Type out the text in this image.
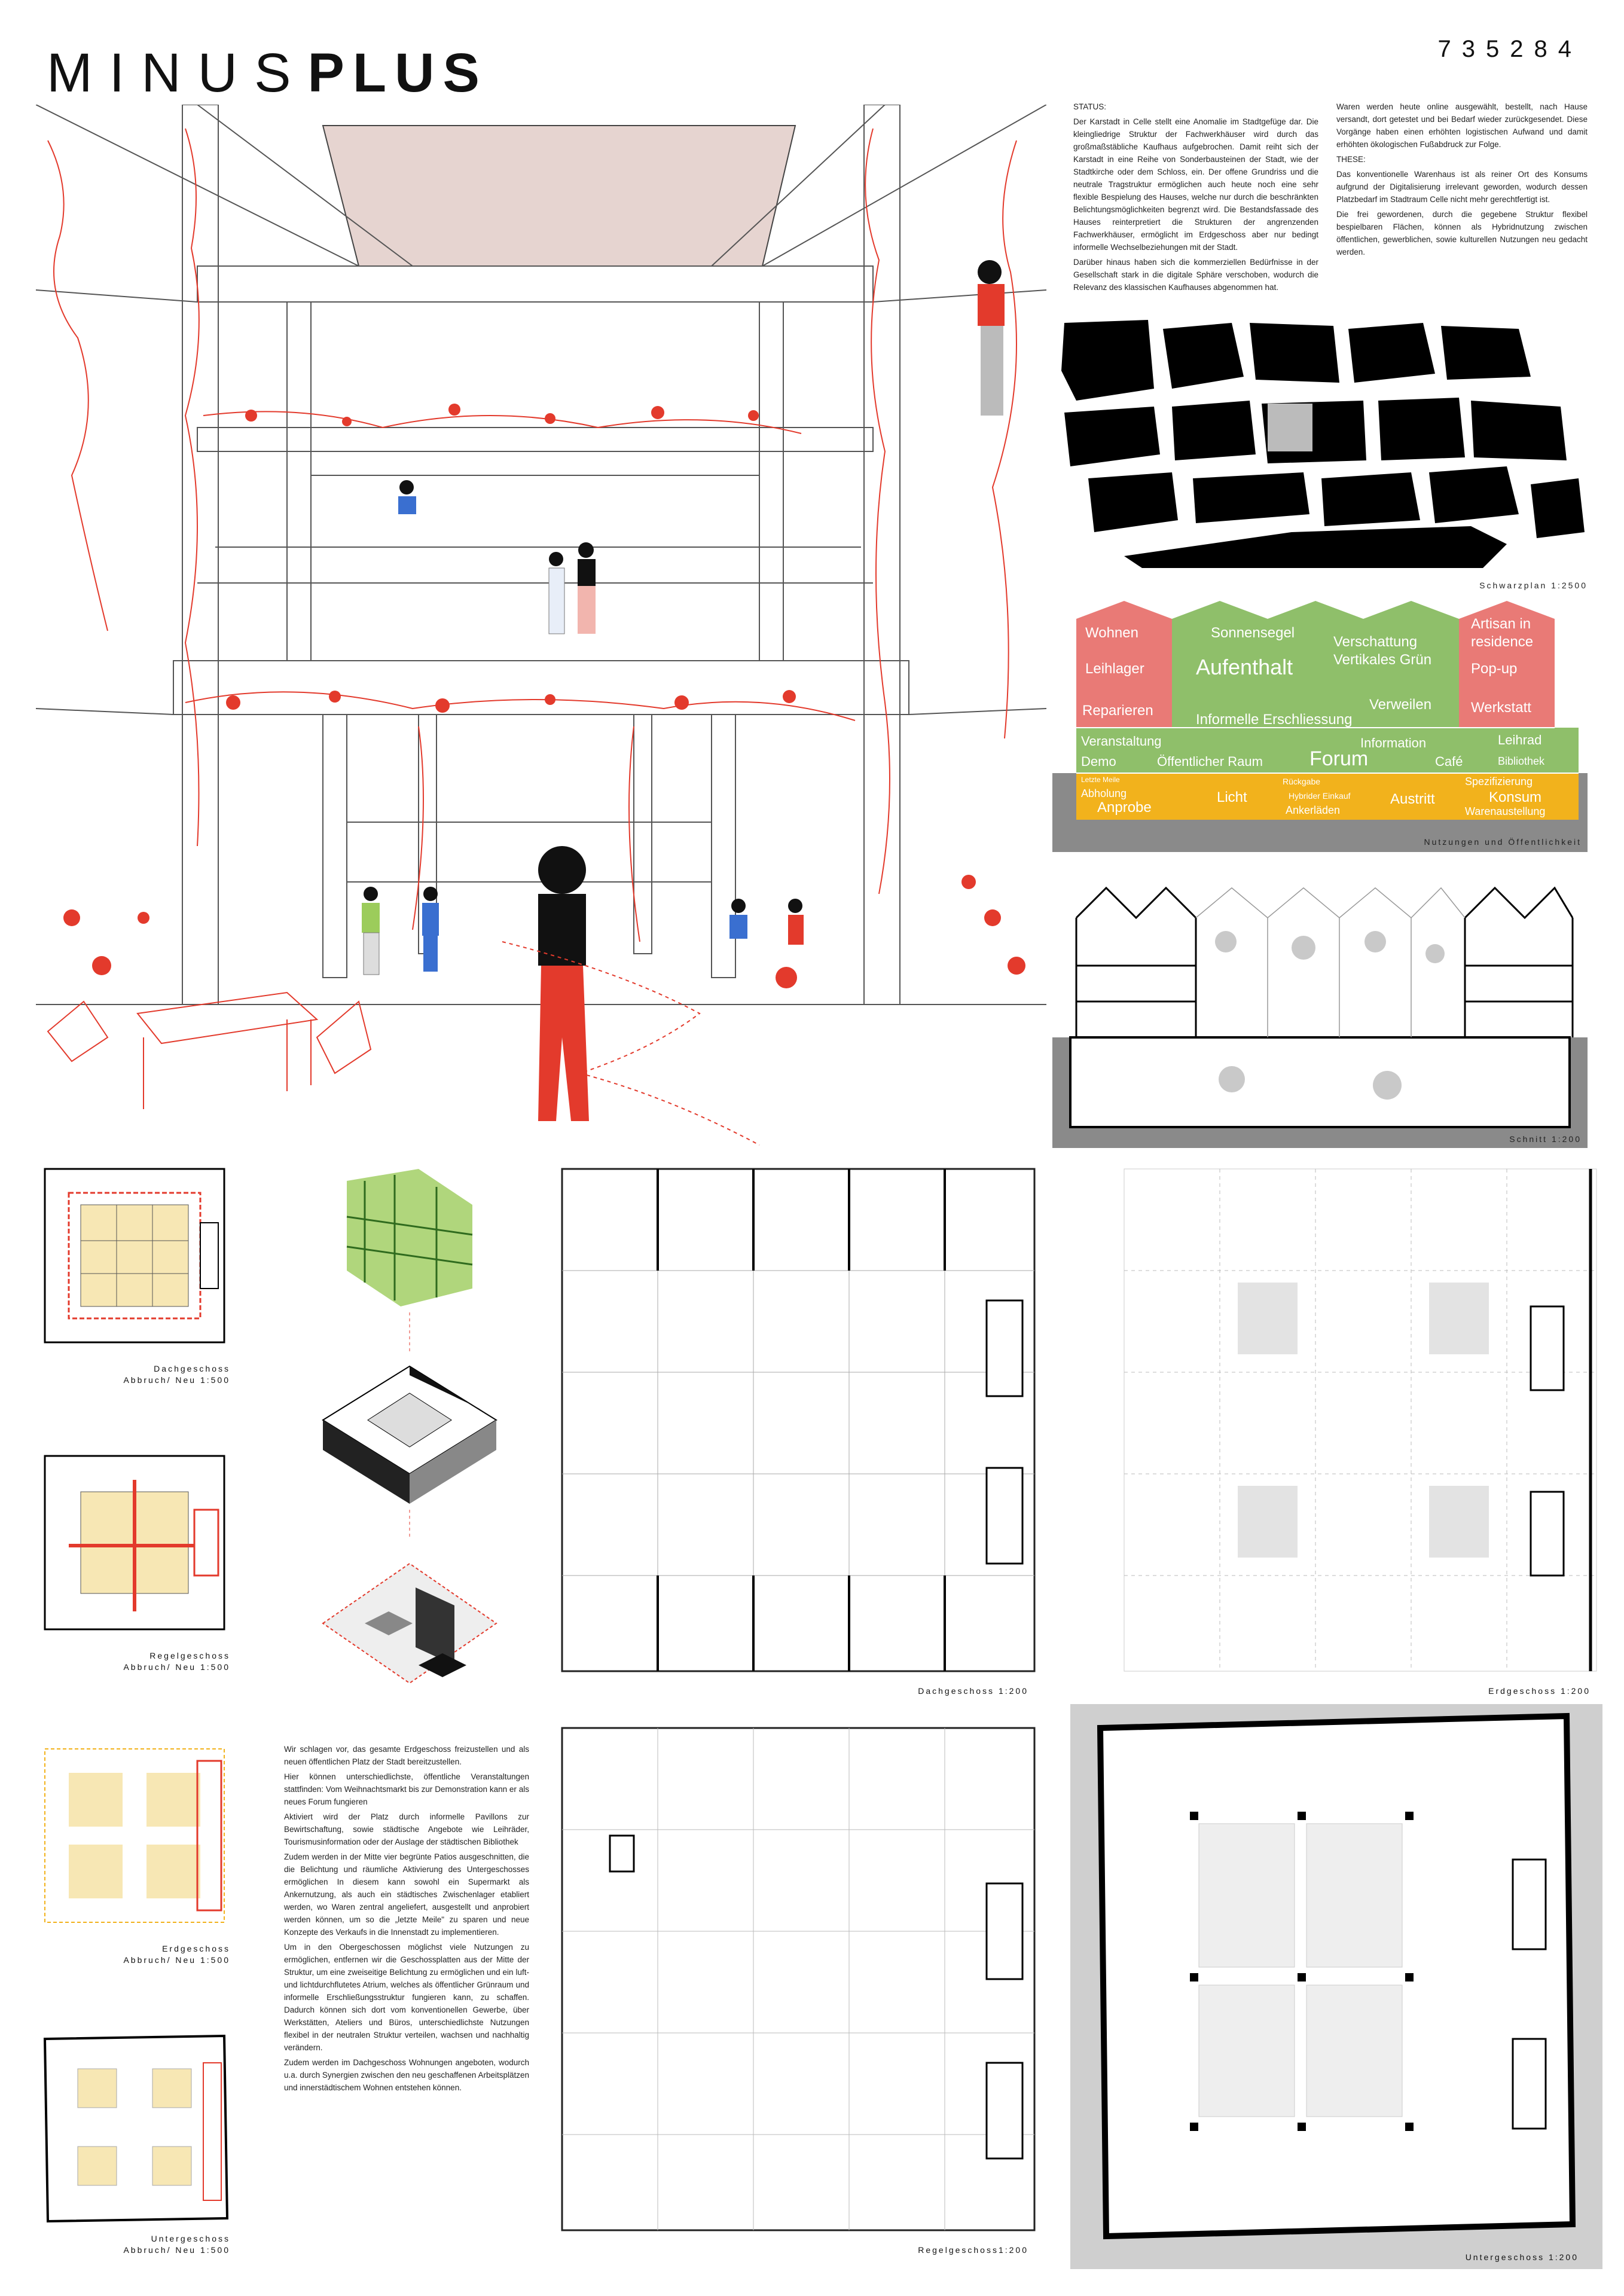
MINUSPLUS	735284

STATUS:

Der Karstadt in Celle stellt eine Anomalie im Stadtgefüge dar. Die kleingliedrige Struktur der Fachwerkhäuser wird durch das großmaßstäbliche Kaufhaus aufgebrochen. Damit reiht sich der Karstadt in eine Reihe von Sonderbausteinen der Stadt, wie der Stadtkirche oder dem Schloss, ein. Der offene Grundriss und die neutrale Tragstruktur ermöglichen auch heute noch eine sehr flexible Bespielung des Hauses, welche nur durch die beschränkten Belichtungsmöglichkeiten begrenzt wird. Die Bestandsfassade des Hauses reinterpretiert die Strukturen der angrenzenden Fachwerkhäuser, ermöglicht im Erdgeschoss aber nur bedingt informelle Wechselbeziehungen mit der Stadt.

Darüber hinaus haben sich die kommerziellen Bedürfnisse in der Gesellschaft stark in die digitale Sphäre verschoben, wodurch die Relevanz des klassischen Kaufhauses abgenommen hat.

Waren werden heute online ausgewählt, bestellt, nach Hause versandt, dort getestet und bei Bedarf wieder zurückgesendet. Diese Vorgänge haben einen erhöhten logistischen Aufwand und damit erhöhten ökologischen Fußabdruck zur Folge.

THESE:

Das konventionelle Warenhaus ist als reiner Ort des Konsums aufgrund der Digitalisierung irrelevant geworden, wodurch dessen Platzbedarf im Stadtraum Celle nicht mehr gerechtfertigt ist.

Die frei gewordenen, durch die gegebene Struktur flexibel bespielbaren Flächen, können als Hybridnutzung zwischen öffentlichen, gewerblichen, sowie kulturellen Nutzungen neu gedacht werden.

Schwarzplan 1:2500
Wohnen	Sonnensegel
Verschattung
Vertikales Grün
Artisan in
residence
Leihlager Aufenthalt	Pop-up
Reparieren	Verweilen	Werkstatt
Informelle Erschliessung
Veranstaltung	Information	Leihrad
Demo	Öffentlicher Raum Forum	Café	Bibliothek
Letzte Meile
Abholung
Anprobe
Licht
Rückgabe
Hybrider Einkauf
Ankerläden
Austritt
Spezifizierung
Konsum
Warenaustellung
Nutzungen und Öffentlichkeit
Schnitt 1:200
Dachgeschoss
Abbruch/ Neu 1:500
Regelgeschoss
Abbruch/ Neu 1:500
Erdgeschoss
Abbruch/ Neu 1:500
Untergeschoss
Abbruch/ Neu 1:500

Wir schlagen vor, das gesamte Erdgeschoss freizustellen und als neuen öffentlichen Platz der Stadt bereitzustellen.

Hier können unterschiedlichste, öffentliche Veranstaltungen stattfinden: Vom Weihnachtsmarkt bis zur Demonstration kann er als neues Forum fungieren

Aktiviert wird der Platz durch informelle Pavillons zur Bewirtschaftung, sowie städtische Angebote wie Leihräder, Tourismusinformation oder der Auslage der städtischen Bibliothek

Zudem werden in der Mitte vier begrünte Patios ausgeschnitten, die die Belichtung und räumliche Aktivierung des Untergeschosses ermöglichen In diesem kann sowohl ein Supermarkt als Ankernutzung, als auch ein städtisches Zwischenlager etabliert werden, wo Waren zentral angeliefert, ausgestellt und anprobiert werden können, um so die „letzte Meile" zu sparen und neue Konzepte des Verkaufs in die Innenstadt zu implementieren.

Um in den Obergeschossen möglichst viele Nutzungen zu ermöglichen, entfernen wir die Geschossplatten aus der Mitte der Struktur, um eine zweiseitige Belichtung zu ermöglichen und ein luft- und lichtdurchflutetes Atrium, welches als öffentlicher Grünraum und informelle Erschließungsstruktur fungieren kann, zu schaffen. Dadurch können sich dort vom konventionellen Gewerbe, über Werkstätten, Ateliers und Büros, unterschiedlichste Nutzungen flexibel in der neutralen Struktur verteilen, wachsen und nachhaltig verändern.

Zudem werden im Dachgeschoss Wohnungen angeboten, wodurch u.a. durch Synergien zwischen den neu geschaffenen Arbeitsplätzen und innerstädtischem Wohnen entstehen können.

Dachgeschoss 1:200	Erdgeschoss 1:200
Regelgeschoss1:200
Untergeschoss 1:200
